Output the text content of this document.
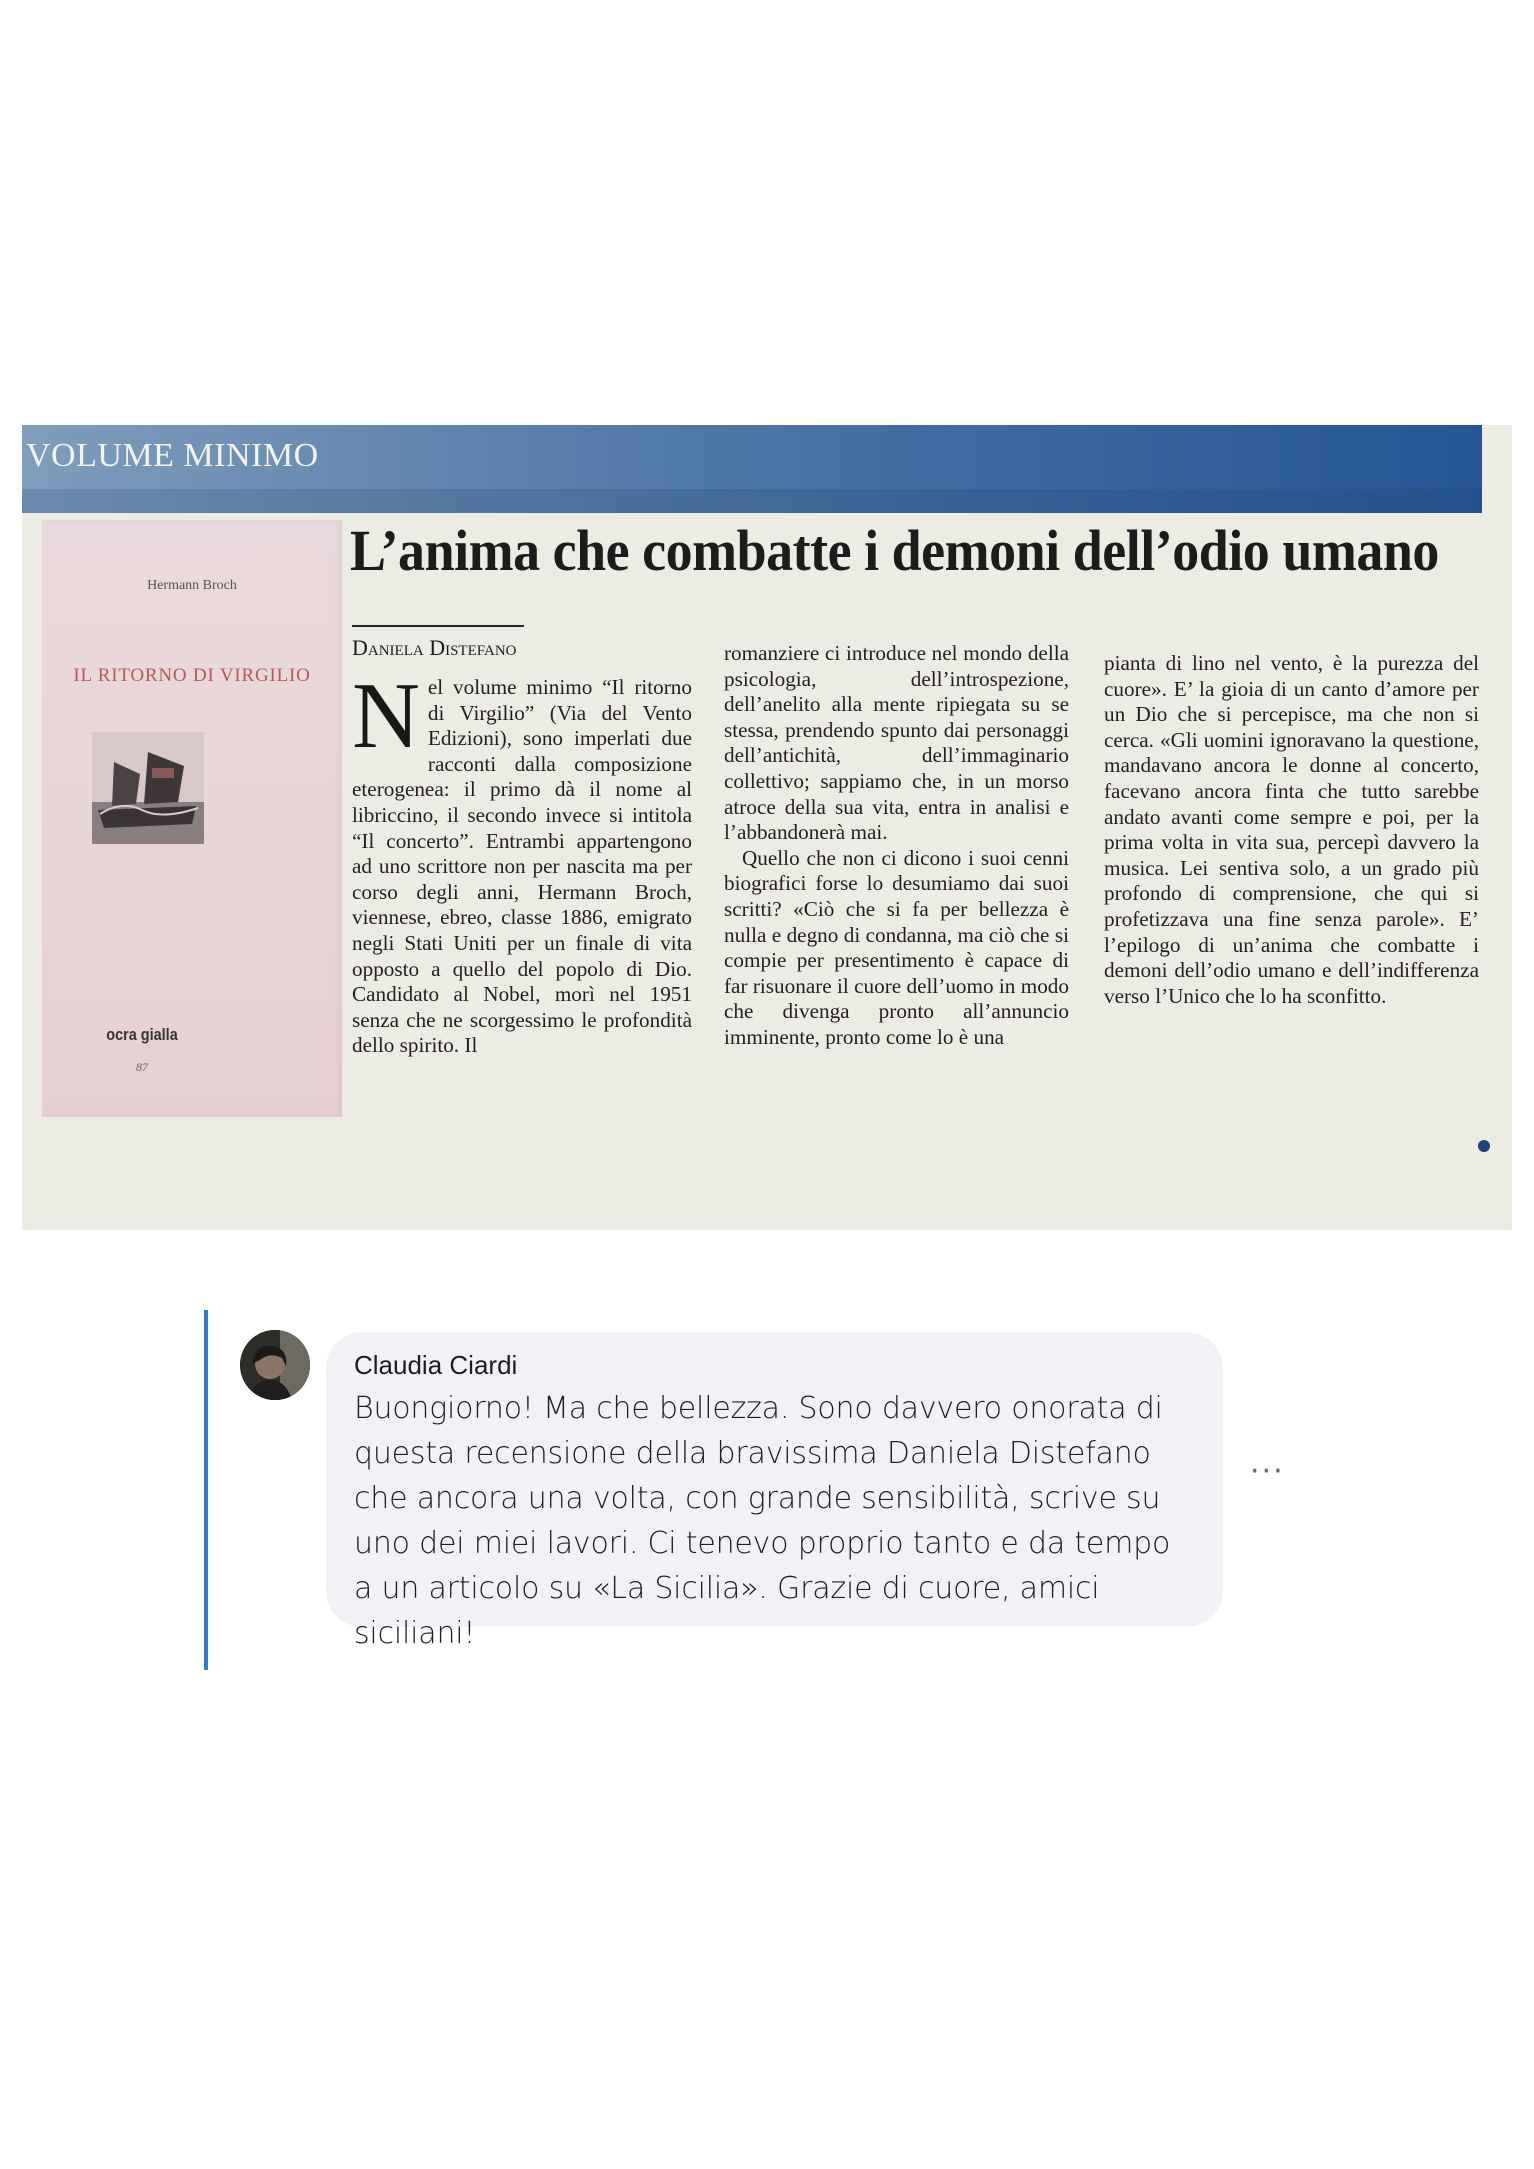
VOLUME MINIMO
Hermann Broch
IL RITORNO DI VIRGILIO
ocra gialla
87
L’anima che combatte i demoni dell’odio umano
Daniela Distefano
N el volume minimo “Il ritorno di Virgilio” (Via del Vento Edizioni), sono imperlati due racconti dalla composizione eterogenea: il primo dà il nome al libriccino, il secondo invece si intitola “Il concerto”. Entrambi appartengono ad uno scrittore non per nascita ma per corso degli anni, Hermann Broch, viennese, ebreo, classe 1886, emigrato negli Stati Uniti per un finale di vita opposto a quello del popolo di Dio. Candidato al Nobel, morì nel 1951 senza che ne scorgessimo le profondità dello spirito. Il

romanziere ci introduce nel mondo della psicologia, dell’introspezione, dell’anelito alla mente ripiegata su se stessa, prendendo spunto dai personaggi dell’antichità, dell’immaginario collettivo; sappiamo che, in un morso atroce della sua vita, entra in analisi e l’abbandonerà mai.

Quello che non ci dicono i suoi cenni biografici forse lo desumiamo dai suoi scritti? «Ciò che si fa per bellezza è nulla e degno di condanna, ma ciò che si compie per presentimento è capace di far risuonare il cuore dell’uomo in modo che divenga pronto all’annuncio imminente, pronto come lo è una

pianta di lino nel vento, è la purezza del cuore». E’ la gioia di un canto d’amore per un Dio che si percepisce, ma che non si cerca. «Gli uomini ignoravano la questione, mandavano ancora le donne al concerto, facevano ancora finta che tutto sarebbe andato avanti come sempre e poi, per la prima volta in vita sua, percepì davvero la musica. Lei sentiva solo, a un grado più profondo di comprensione, che qui si profetizzava una fine senza parole». E’ l’epilogo di un’anima che combatte i demoni dell’odio umano e dell’indifferenza verso l’Unico che lo ha sconfitto.

Claudia Ciardi
Buongiorno! Ma che bellezza. Sono davvero onorata di questa recensione della bravissima Daniela Distefano che ancora una volta, con grande sensibilità, scrive su uno dei miei lavori. Ci tenevo proprio tanto e da tempo a un articolo su «La Sicilia». Grazie di cuore, amici siciliani!
···
